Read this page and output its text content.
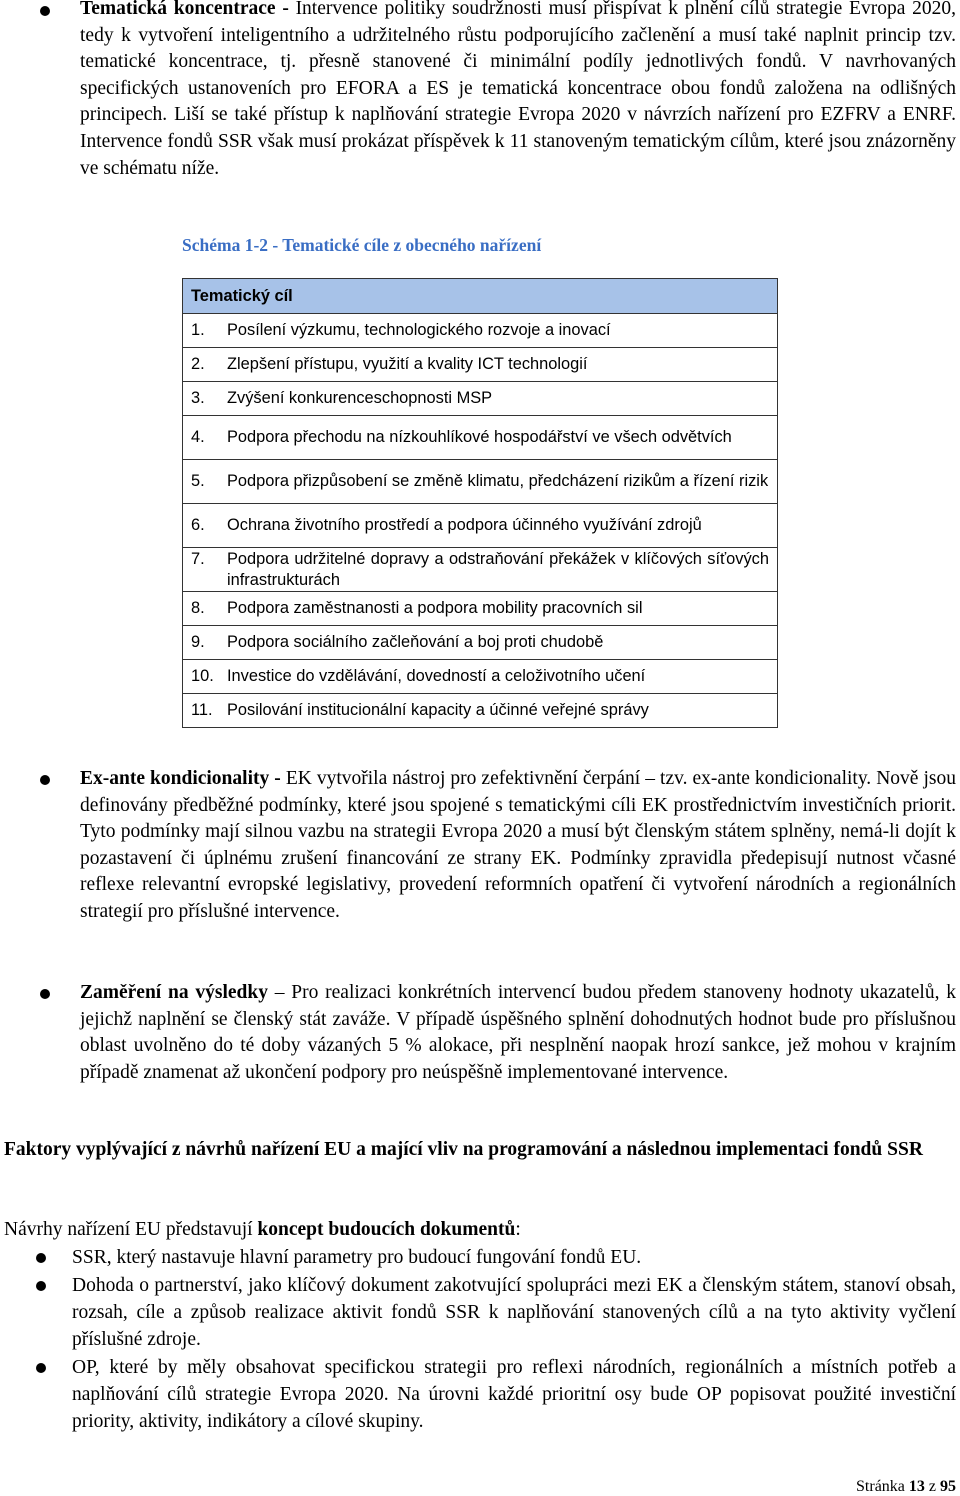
Tematická koncentrace - Intervence politiky soudržnosti musí přispívat k plnění cílů strategie Evropa 2020, tedy k vytvoření inteligentního a udržitelného růstu podporujícího začlenění a musí také naplnit princip tzv. tematické koncentrace, tj. přesně stanovené či minimální podíly jednotlivých fondů. V navrhovaných specifických ustanoveních pro EFORA a ES je tematická koncentrace obou fondů založena na odlišných principech. Liší se také přístup k naplňování strategie Evropa 2020 v návrzích nařízení pro EZFRV a ENRF. Intervence fondů SSR však musí prokázat příspěvek k 11 stanoveným tematickým cílům, které jsou znázorněny ve schématu níže.

Schéma 1-2 - Tematické cíle z obecného nařízení
Tematický cíl

1.	Posílení výzkumu, technologického rozvoje a inovací

2.	Zlepšení přístupu, využití a kvality ICT technologií

3.	Zvýšení konkurenceschopnosti MSP

4.	Podpora přechodu na nízkouhlíkové hospodářství ve všech odvětvích

5.	Podpora přizpůsobení se změně klimatu, předcházení rizikům a řízení rizik

6.	Ochrana životního prostředí a podpora účinného využívání zdrojů

7.	Podpora udržitelné dopravy a odstraňování překážek v klíčových síťových infrastrukturách

8.	Podpora zaměstnanosti a podpora mobility pracovních sil

9.	Podpora sociálního začleňování a boj proti chudobě

10. Investice do vzdělávání, dovedností a celoživotního učení

11. Posilování institucionální kapacity a účinné veřejné správy

Ex-ante kondicionality - EK vytvořila nástroj pro zefektivnění čerpání – tzv. ex-ante kondicionality. Nově jsou definovány předběžné podmínky, které jsou spojené s tematickými cíli EK prostřednictvím investičních priorit. Tyto podmínky mají silnou vazbu na strategii Evropa 2020 a musí být členským státem splněny, nemá-li dojít k pozastavení či úplnému zrušení financování ze strany EK. Podmínky zpravidla předepisují nutnost včasné reflexe relevantní evropské legislativy, provedení reformních opatření či vytvoření národních a regionálních strategií pro příslušné intervence.

Zaměření na výsledky – Pro realizaci konkrétních intervencí budou předem stanoveny hodnoty ukazatelů, k jejichž naplnění se členský stát zaváže. V případě úspěšného splnění dohodnutých hodnot bude pro příslušnou oblast uvolněno do té doby vázaných 5 % alokace, při nesplnění naopak hrozí sankce, jež mohou v krajním případě znamenat až ukončení podpory pro neúspěšně implementované intervence.

Faktory vyplývající z návrhů nařízení EU a mající vliv na programování a následnou implementaci fondů SSR

Návrhy nařízení EU představují koncept budoucích dokumentů:

SSR, který nastavuje hlavní parametry pro budoucí fungování fondů EU.

Dohoda o partnerství, jako klíčový dokument zakotvující spolupráci mezi EK a členským státem, stanoví obsah, rozsah, cíle a způsob realizace aktivit fondů SSR k naplňování stanovených cílů a na tyto aktivity vyčlení příslušné zdroje.

OP, které by měly obsahovat specifickou strategii pro reflexi národních, regionálních a místních potřeb a naplňování cílů strategie Evropa 2020. Na úrovni každé prioritní osy bude OP popisovat použité investiční priority, aktivity, indikátory a cílové skupiny.

Stránka 13 z 95
